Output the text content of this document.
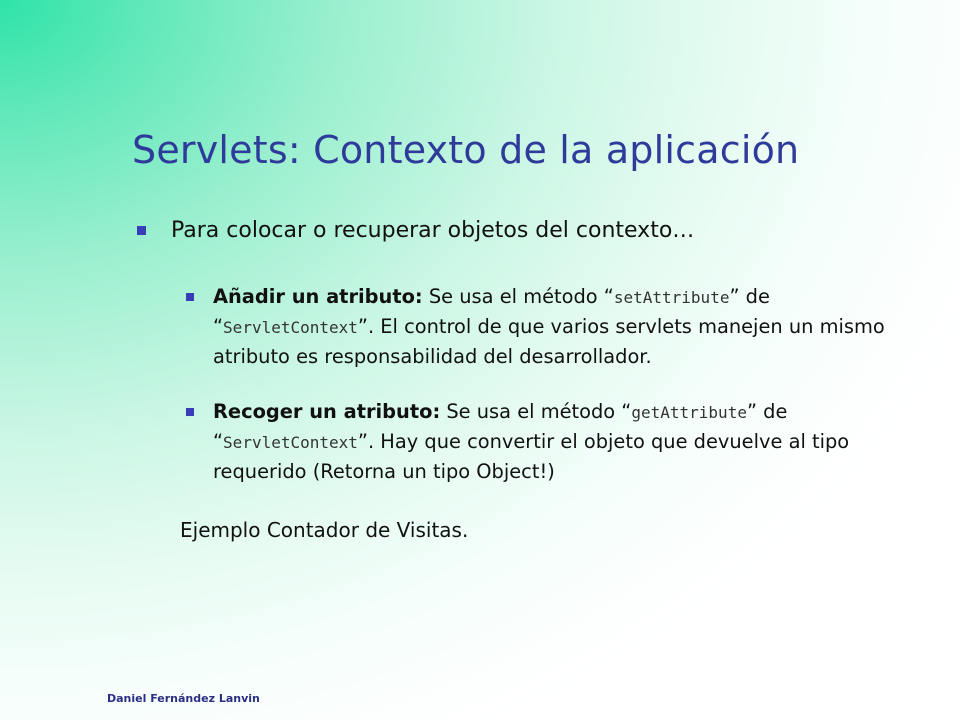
Servlets: Contexto de la aplicación
Para colocar o recuperar objetos del contexto…
Añadir un atributo: Se usa el método “setAttribute” de “ServletContext”. El control de que varios servlets manejen un mismo atributo es responsabilidad del desarrollador.
Recoger un atributo: Se usa el método “getAttribute” de “ServletContext”. Hay que convertir el objeto que devuelve al tipo requerido (Retorna un tipo Object!)
Ejemplo Contador de Visitas.
Daniel Fernández Lanvin
